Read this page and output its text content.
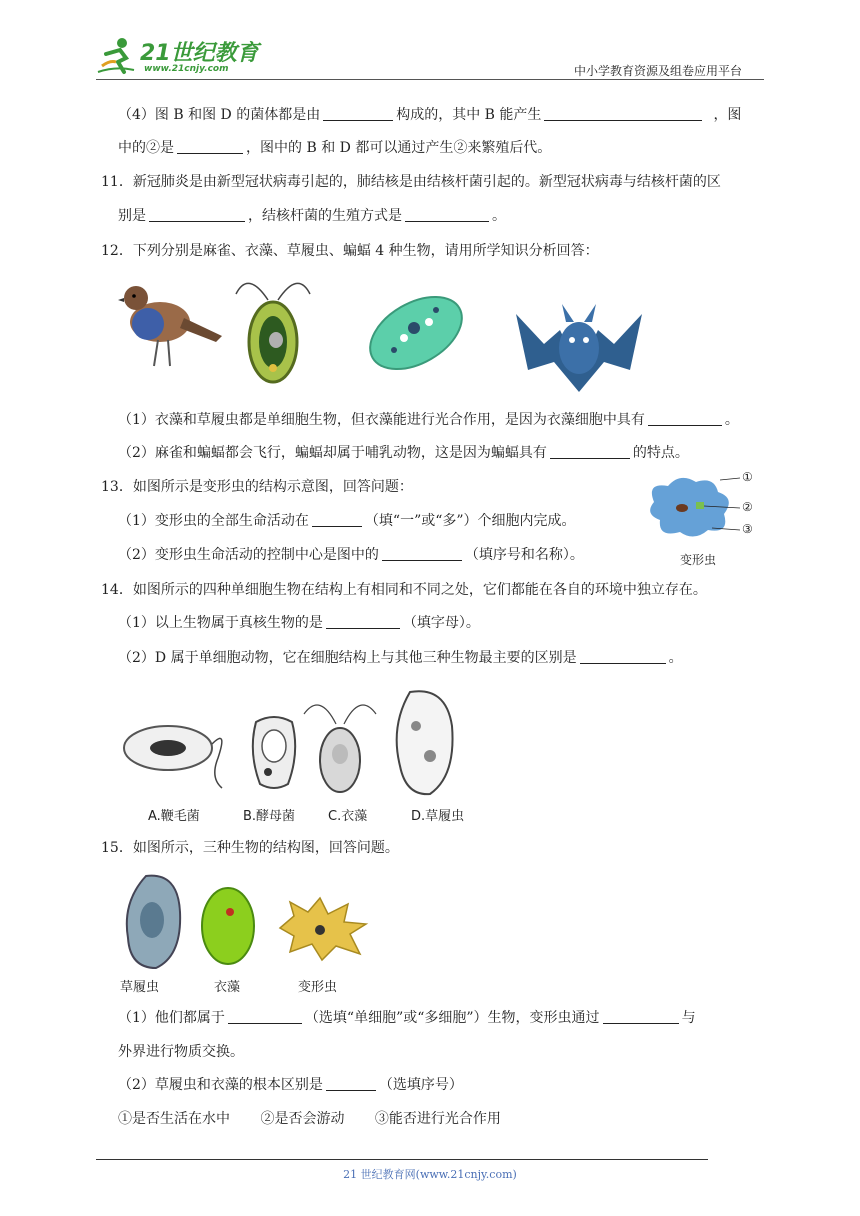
21世纪教育
www.21cnjy.com	中小学教育资源及组卷应用平台
（4）图 B 和图 D 的菌体都是由	构成的，其中 B 能产生	，图
中的②是	，图中的 B 和 D 都可以通过产生②来繁殖后代。
11．新冠肺炎是由新型冠状病毒引起的，肺结核是由结核杆菌引起的。新型冠状病毒与结核杆菌的区
别是	，结核杆菌的生殖方式是	。
12．下列分别是麻雀、衣藻、草履虫、蝙蝠 4 种生物，请用所学知识分析回答：
（1）衣藻和草履虫都是单细胞生物，但衣藻能进行光合作用，是因为衣藻细胞中具有	。
（2）麻雀和蝙蝠都会飞行，蝙蝠却属于哺乳动物，这是因为蝙蝠具有	的特点。
13．如图所示是变形虫的结构示意图，回答问题：
（1）变形虫的全部生命活动在	（填“一”或“多”）个细胞内完成。
（2）变形虫生命活动的控制中心是图中的	（填序号和名称）。
①
②
③
变形虫
14．如图所示的四种单细胞生物在结构上有相同和不同之处，它们都能在各自的环境中独立存在。
（1）以上生物属于真核生物的是	（填字母）。
（2）D 属于单细胞动物，它在细胞结构上与其他三种生物最主要的区别是	。
A.鞭毛菌	B.酵母菌	C.衣藻	D.草履虫
15．如图所示，三种生物的结构图，回答问题。
草履虫	衣藻	变形虫
（1）他们都属于	（选填“单细胞”或“多细胞”）生物，变形虫通过	与
外界进行物质交换。
（2）草履虫和衣藻的根本区别是	（选填序号）
①是否生活在水中 ②是否会游动 ③能否进行光合作用
21 世纪教育网(www.21cnjy.com)
